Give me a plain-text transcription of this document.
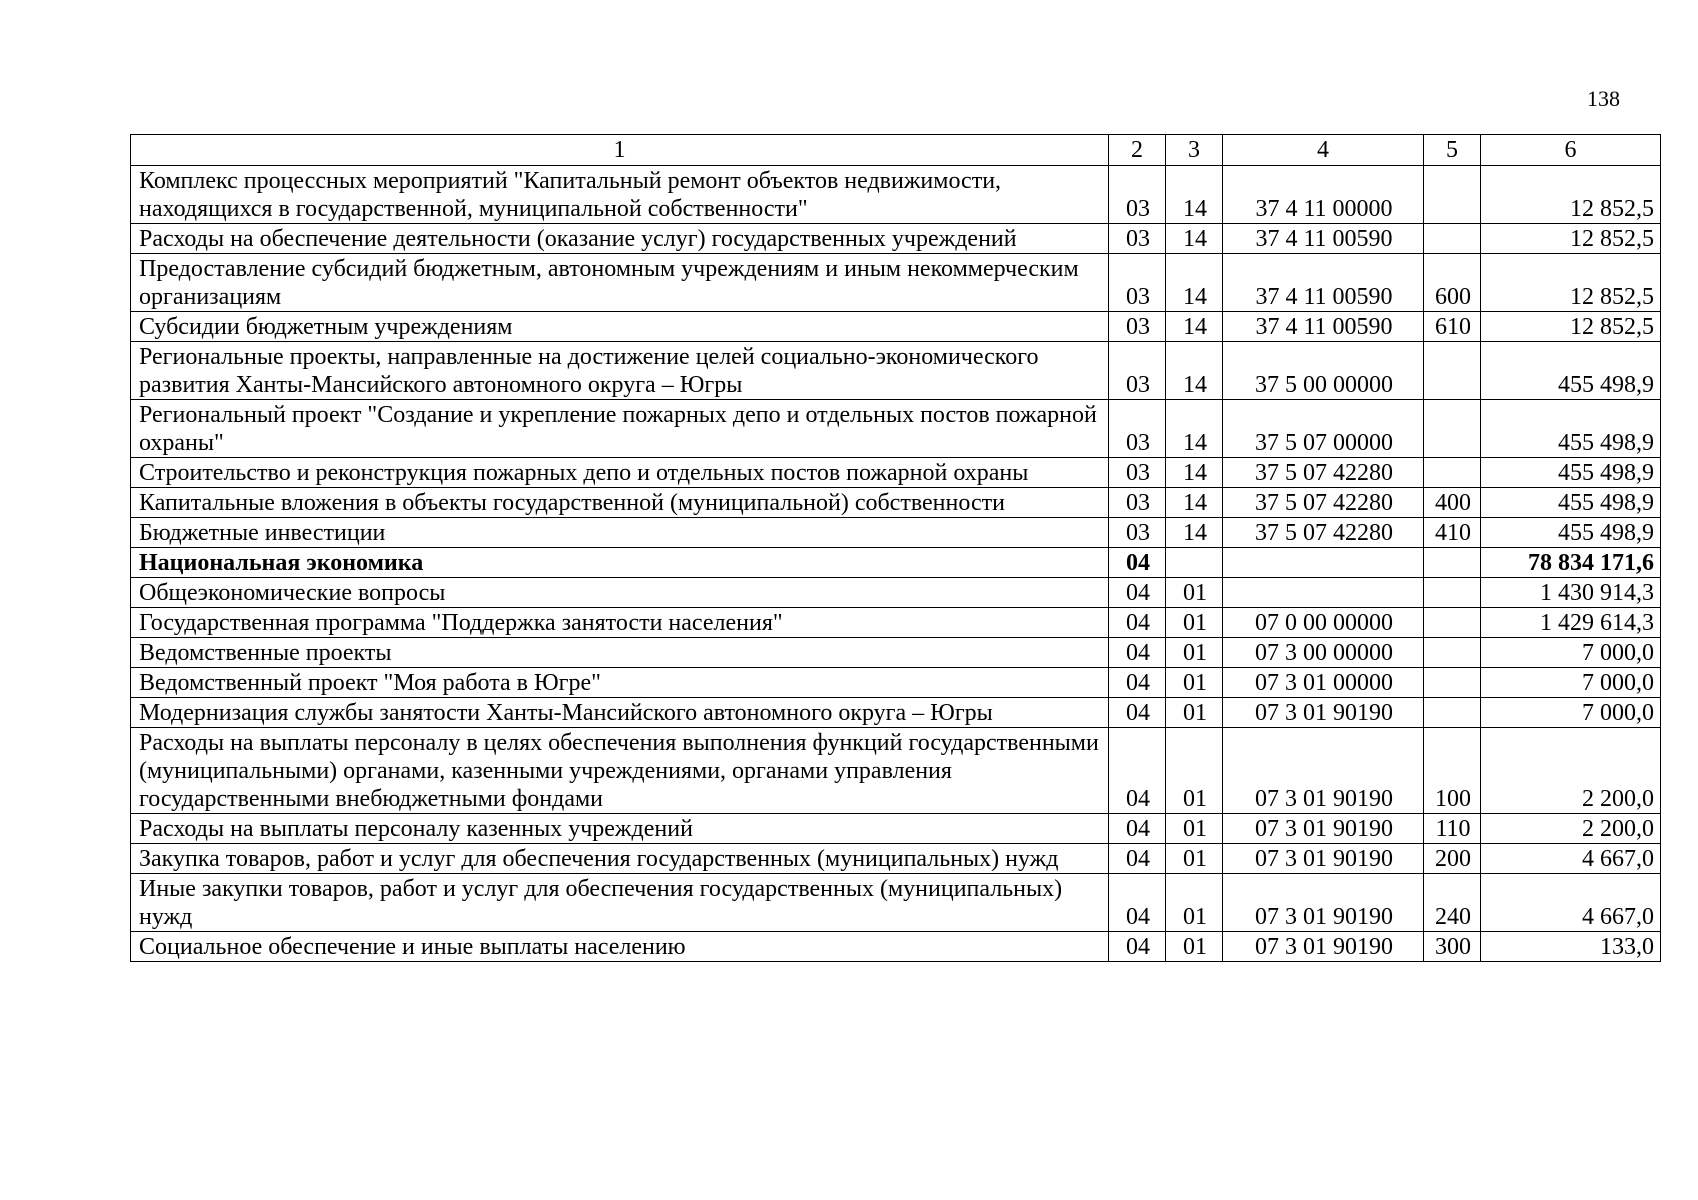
138
1	2	3	4	5	6
Комплекс процессных мероприятий "Капитальный ремонт объектов недвижимости, находящихся в государственной, муниципальной собственности"	03	14	37 4 11 00000		12 852,5
Расходы на обеспечение деятельности (оказание услуг) государственных учреждений	03	14	37 4 11 00590		12 852,5
Предоставление субсидий бюджетным, автономным учреждениям и иным некоммерческим организациям	03	14	37 4 11 00590	600	12 852,5
Субсидии бюджетным учреждениям	03	14	37 4 11 00590	610	12 852,5
Региональные проекты, направленные на достижение целей социально-экономического развития Ханты-Мансийского автономного округа – Югры	03	14	37 5 00 00000		455 498,9
Региональный проект "Создание и укрепление пожарных депо и отдельных постов пожарной охраны"	03	14	37 5 07 00000		455 498,9
Строительство и реконструкция пожарных депо и отдельных постов пожарной охраны	03	14	37 5 07 42280		455 498,9
Капитальные вложения в объекты государственной (муниципальной) собственности	03	14	37 5 07 42280	400	455 498,9
Бюджетные инвестиции	03	14	37 5 07 42280	410	455 498,9
Национальная экономика	04				78 834 171,6
Общеэкономические вопросы	04	01			1 430 914,3
Государственная программа "Поддержка занятости населения"	04	01	07 0 00 00000		1 429 614,3
Ведомственные проекты	04	01	07 3 00 00000		7 000,0
Ведомственный проект "Моя работа в Югре"	04	01	07 3 01 00000		7 000,0
Модернизация службы занятости Ханты-Мансийского автономного округа – Югры	04	01	07 3 01 90190		7 000,0
Расходы на выплаты персоналу в целях обеспечения выполнения функций государственными (муниципальными) органами, казенными учреждениями, органами управления государственными внебюджетными фондами	04	01	07 3 01 90190	100	2 200,0
Расходы на выплаты персоналу казенных учреждений	04	01	07 3 01 90190	110	2 200,0
Закупка товаров, работ и услуг для обеспечения государственных (муниципальных) нужд	04	01	07 3 01 90190	200	4 667,0
Иные закупки товаров, работ и услуг для обеспечения государственных (муниципальных) нужд	04	01	07 3 01 90190	240	4 667,0
Социальное обеспечение и иные выплаты населению	04	01	07 3 01 90190	300	133,0
